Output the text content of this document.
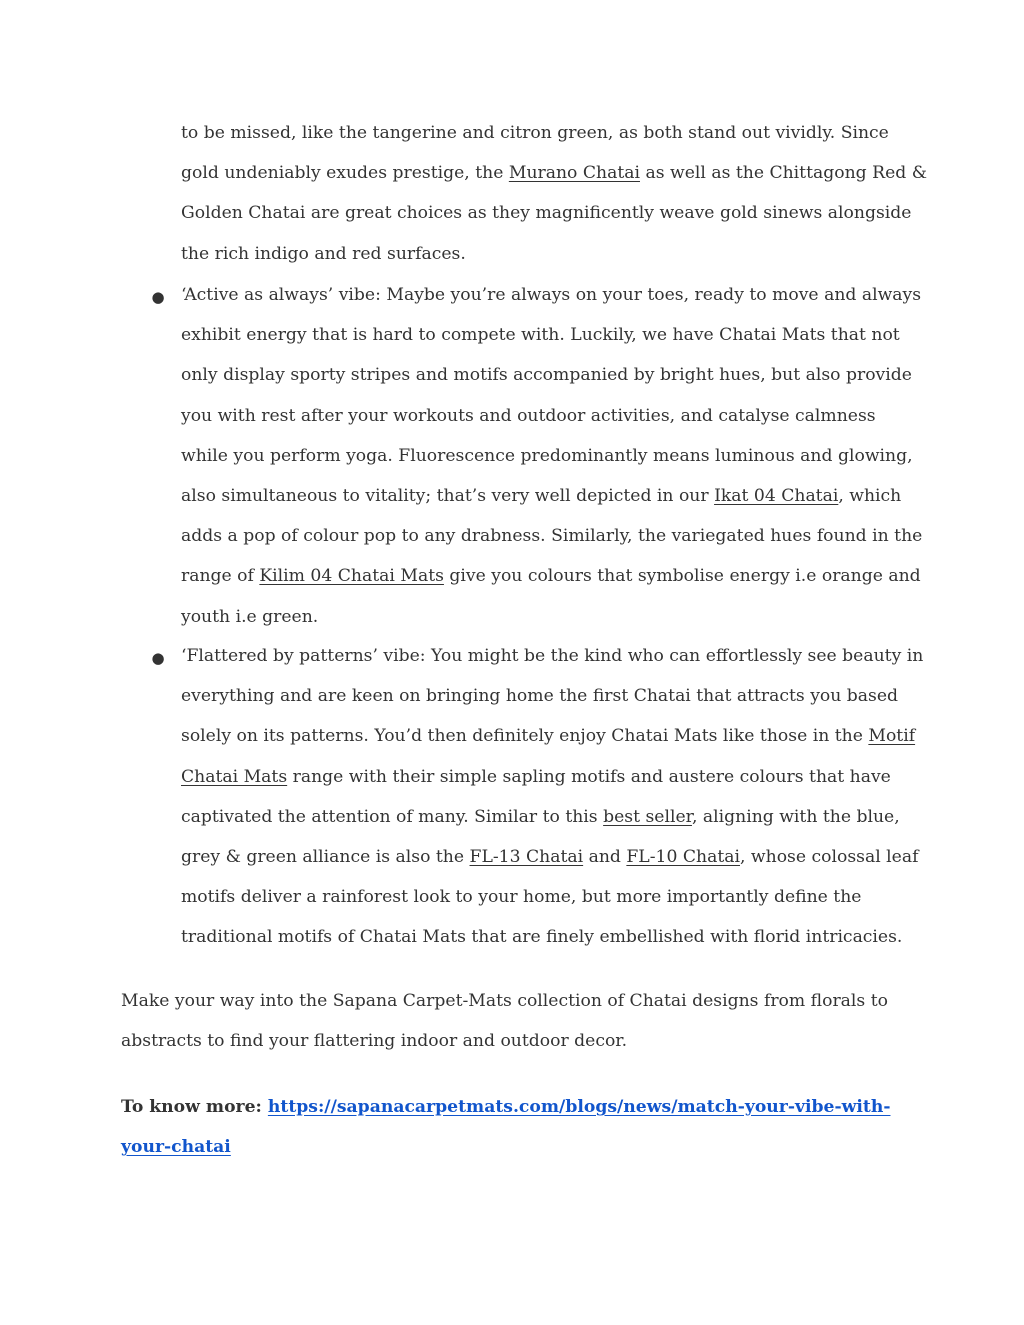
to be missed, like the tangerine and citron green, as both stand out vividly. Since
gold undeniably exudes prestige, the Murano Chatai as well as the Chittagong Red &
Golden Chatai are great choices as they magnificently weave gold sinews alongside
the rich indigo and red surfaces.
● ‘Active as always’ vibe: Maybe you’re always on your toes, ready to move and always
exhibit energy that is hard to compete with. Luckily, we have Chatai Mats that not
only display sporty stripes and motifs accompanied by bright hues, but also provide
you with rest after your workouts and outdoor activities, and catalyse calmness
while you perform yoga. Fluorescence predominantly means luminous and glowing,
also simultaneous to vitality; that’s very well depicted in our Ikat 04 Chatai, which
adds a pop of colour pop to any drabness. Similarly, the variegated hues found in the
range of Kilim 04 Chatai Mats give you colours that symbolise energy i.e orange and
youth i.e green.
● ‘Flattered by patterns’ vibe: You might be the kind who can effortlessly see beauty in
everything and are keen on bringing home the first Chatai that attracts you based
solely on its patterns. You’d then definitely enjoy Chatai Mats like those in the Motif
Chatai Mats range with their simple sapling motifs and austere colours that have
captivated the attention of many. Similar to this best seller, aligning with the blue,
grey & green alliance is also the FL-13 Chatai and FL-10 Chatai, whose colossal leaf
motifs deliver a rainforest look to your home, but more importantly define the
traditional motifs of Chatai Mats that are finely embellished with florid intricacies.
Make your way into the Sapana Carpet-Mats collection of Chatai designs from florals to
abstracts to find your flattering indoor and outdoor decor.
To know more: https://sapanacarpetmats.com/blogs/news/match-your-vibe-with-
your-chatai
